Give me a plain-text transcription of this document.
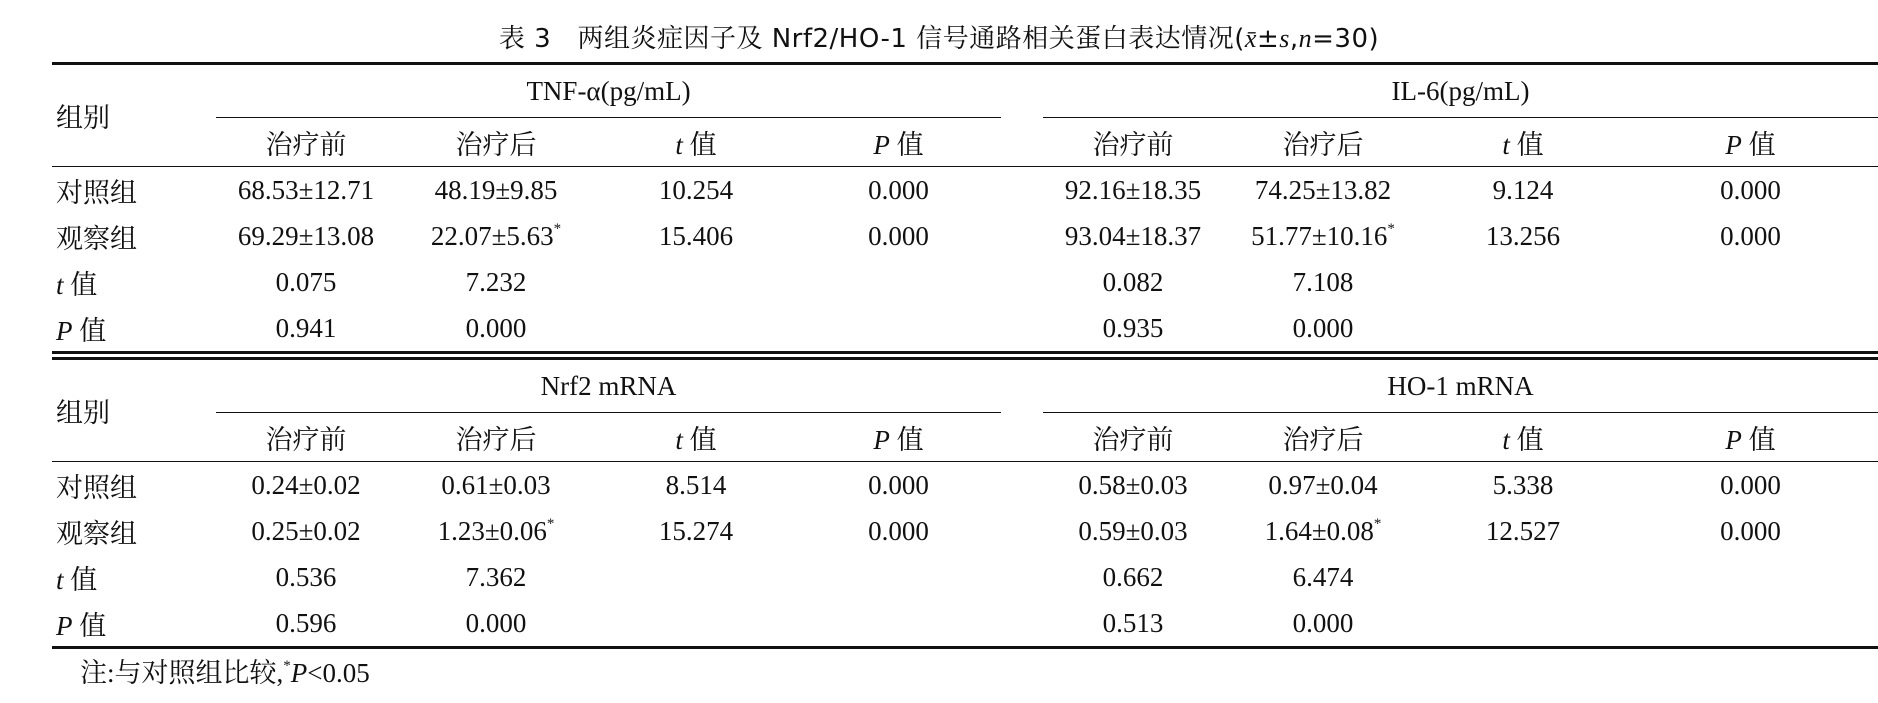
表 3 两组炎症因子及 Nrf2/HO-1 信号通路相关蛋白表达情况(x̄±s,n=30)
组别	TNF-α(pg/mL)					IL-6(pg/mL)			
	治疗前	治疗后	t 值	P 值		治疗前	治疗后	t 值	P 值
对照组	68.53±12.71	48.19±9.85	10.254	0.000		92.16±18.35	74.25±13.82	9.124	0.000
观察组	69.29±13.08	22.07±5.63*	15.406	0.000		93.04±18.37	51.77±10.16*	13.256	0.000
t 值	0.075	7.232				0.082	7.108		
P 值	0.941	0.000				0.935	0.000		
组别	Nrf2 mRNA					HO-1 mRNA			
	治疗前	治疗后	t 值	P 值		治疗前	治疗后	t 值	P 值
对照组	0.24±0.02	0.61±0.03	8.514	0.000		0.58±0.03	0.97±0.04	5.338	0.000
观察组	0.25±0.02	1.23±0.06*	15.274	0.000		0.59±0.03	1.64±0.08*	12.527	0.000
t 值	0.536	7.362				0.662	6.474		
P 值	0.596	0.000				0.513	0.000		
注:与对照组比较,*P<0.05
